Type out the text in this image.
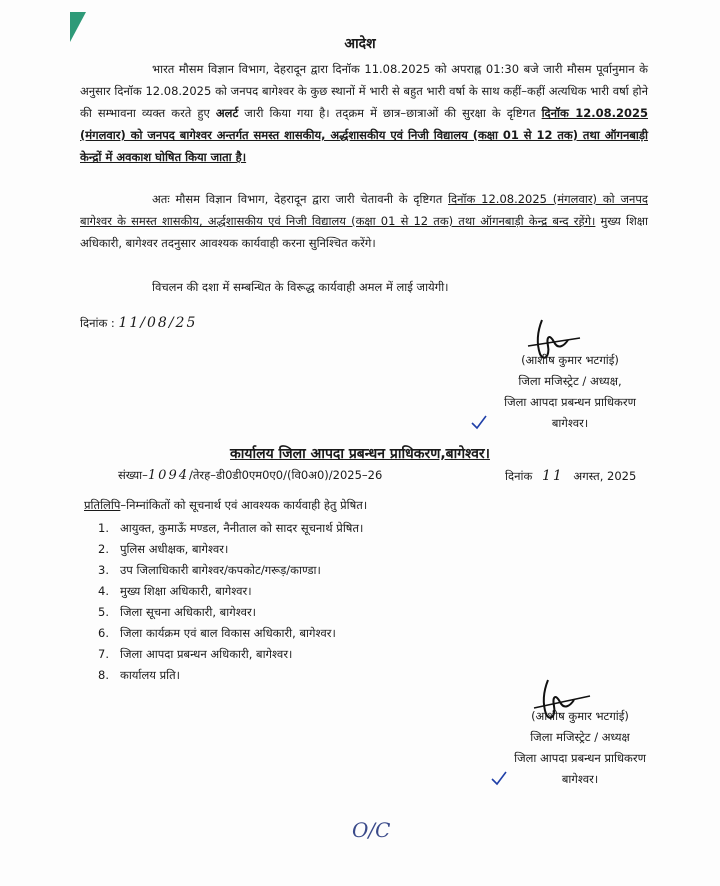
आदेश
भारत मौसम विज्ञान विभाग, देहरादून द्वारा दिनॉक 11.08.2025 को अपराह्न 01:30 बजे जारी मौसम पूर्वानुमान के अनुसार दिनॉक 12.08.2025 को जनपद बागेश्वर के कुछ स्थानों में भारी से बहुत भारी वर्षा के साथ कहीं–कहीं अत्यधिक भारी वर्षा होने की सम्भावना व्यक्त करते हुए अलर्ट जारी किया गया है। तद्‌क्रम में छात्र–छात्राओं की सुरक्षा के दृष्टिगत दिनॉक 12.08.2025 (मंगलवार) को जनपद बागेश्वर अन्तर्गत समस्त शासकीय, अर्द्धशासकीय एवं निजी विद्यालय (कक्षा 01 से 12 तक) तथा ऑगनबाड़ी केन्द्रों में अवकाश घोषित किया जाता है।
अतः मौसम विज्ञान विभाग, देहरादून द्वारा जारी चेतावनी के दृष्टिगत दिनॉक 12.08.2025 (मंगलवार) को जनपद बागेश्वर के समस्त शासकीय, अर्द्धशासकीय एवं निजी विद्यालय (कक्षा 01 से 12 तक) तथा ऑगनबाड़ी केन्द्र बन्द रहेंगे। मुख्य शिक्षा अधिकारी, बागेश्वर तदनुसार आवश्यक कार्यवाही करना सुनिश्चित करेंगे।
विचलन की दशा में सम्बन्धित के विरूद्ध कार्यवाही अमल में लाई जायेगी।
दिनांक : 11/08/25
(आशीष कुमार भटगांई)
जिला मजिस्ट्रेट / अध्यक्ष,
जिला आपदा प्रबन्धन प्राधिकरण
बागेश्वर।
कार्यालय जिला आपदा प्रबन्धन प्राधिकरण,बागेश्वर।
संख्या–1094/तेरह–डी0डी0एम0ए0/(वि0अ0)/2025–26	दिनांक 11 अगस्त, 2025
प्रतिलिपि–निम्नांकितों को सूचनार्थ एवं आवश्यक कार्यवाही हेतु प्रेषित।
1. आयुक्त, कुमाऊँ मण्डल, नैनीताल को सादर सूचनार्थ प्रेषित।
2. पुलिस अधीक्षक, बागेश्वर।
3. उप जिलाधिकारी बागेश्वर/कपकोट/गरूड़/काण्डा।
4. मुख्य शिक्षा अधिकारी, बागेश्वर।
5. जिला सूचना अधिकारी, बागेश्वर।
6. जिला कार्यक्रम एवं बाल विकास अधिकारी, बागेश्वर।
7. जिला आपदा प्रबन्धन अधिकारी, बागेश्वर।
8. कार्यालय प्रति।
(आशीष कुमार भटगांई)
जिला मजिस्ट्रेट / अध्यक्ष
जिला आपदा प्रबन्धन प्राधिकरण
बागेश्वर।
O/C
